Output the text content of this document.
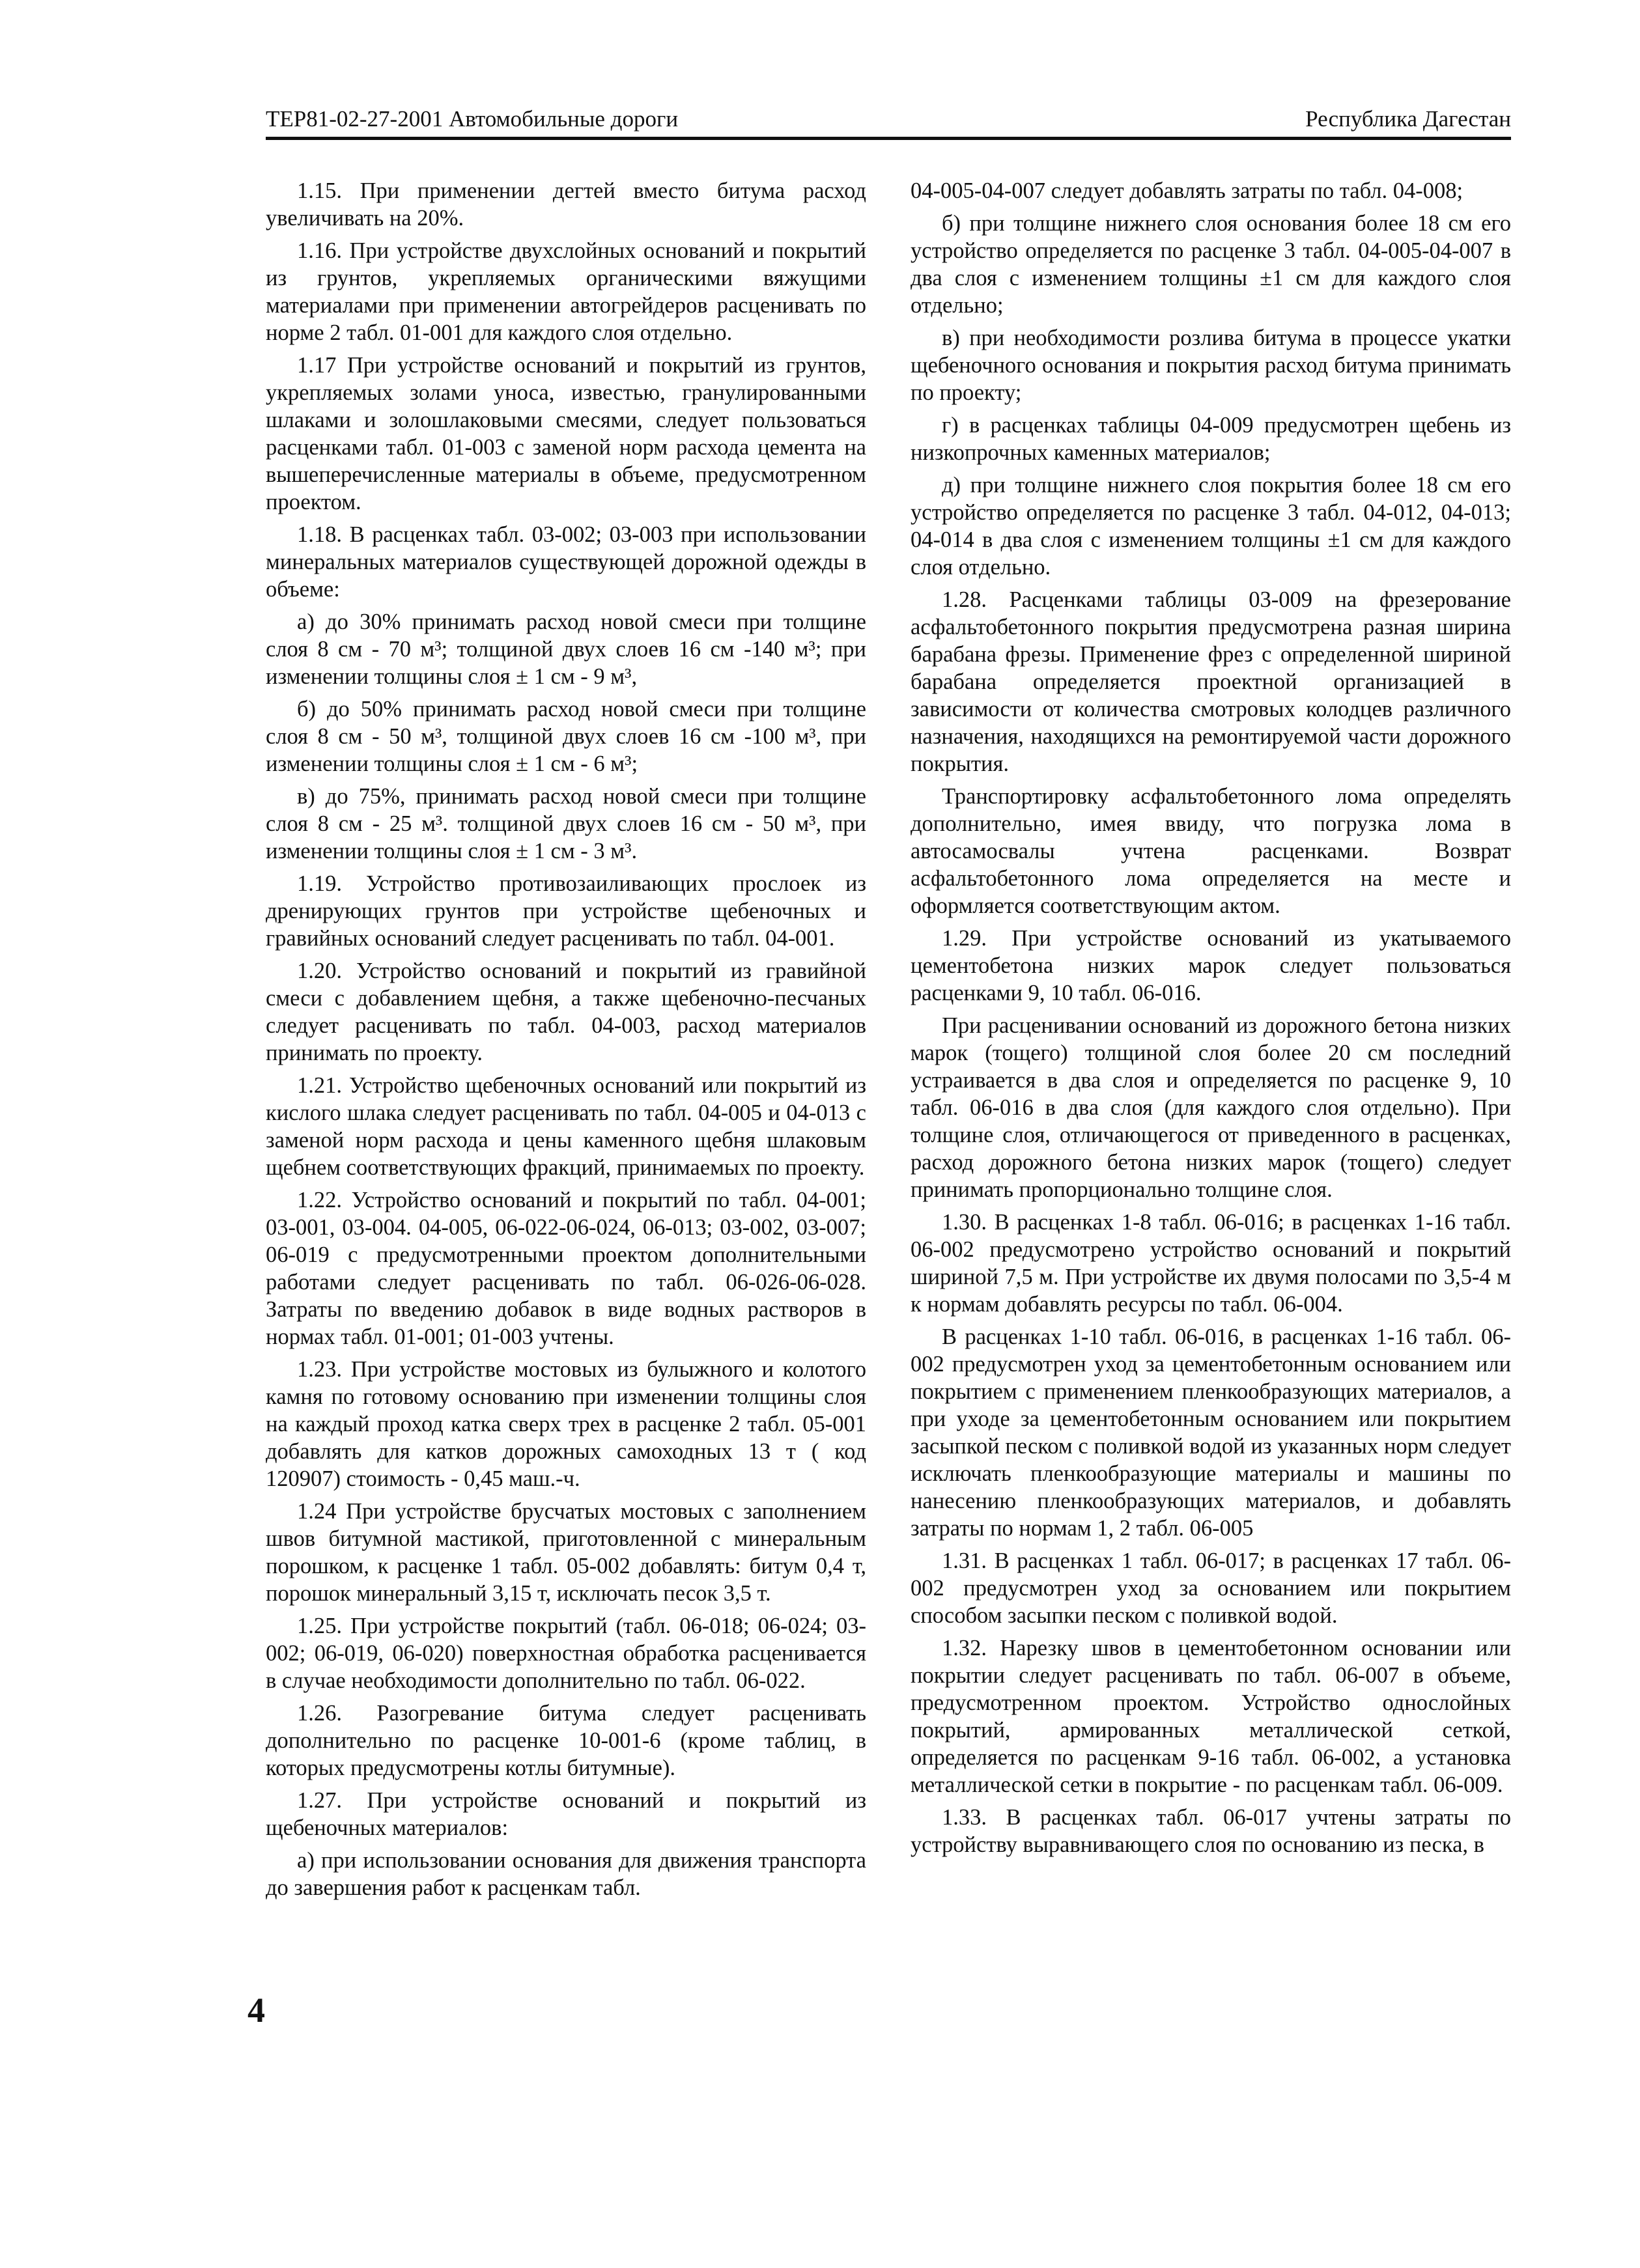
ТЕР81-02-27-2001 Автомобильные дороги	Республика Дагестан

1.15. При применении дегтей вместо битума расход увеличивать на 20%.

1.16. При устройстве двухслойных оснований и покрытий из грунтов, укрепляемых органическими вяжущими материалами при применении автогрейдеров расценивать по норме 2 табл. 01-001 для каждого слоя отдельно.

1.17 При устройстве оснований и покрытий из грунтов, укрепляемых золами уноса, известью, гранулированными шлаками и золошлаковыми смесями, следует пользоваться расценками табл. 01-003 с заменой норм расхода цемента на вышеперечисленные материалы в объеме, предусмотренном проектом.

1.18. В расценках табл. 03-002; 03-003 при использовании минеральных материалов существующей дорожной одежды в объеме:

а) до 30% принимать расход новой смеси при толщине слоя 8 см - 70 м³; толщиной двух слоев 16 см -140 м³; при изменении толщины слоя ± 1 см - 9 м³,

б) до 50% принимать расход новой смеси при толщине слоя 8 см - 50 м³, толщиной двух слоев 16 см -100 м³, при изменении толщины слоя ± 1 см - 6 м³;

в) до 75%, принимать расход новой смеси при толщине слоя 8 см - 25 м³. толщиной двух слоев 16 см - 50 м³, при изменении толщины слоя ± 1 см - 3 м³.

1.19. Устройство противозаиливающих прослоек из дренирующих грунтов при устройстве щебеночных и гравийных оснований следует расценивать по табл. 04-001.

1.20. Устройство оснований и покрытий из гравийной смеси с добавлением щебня, а также щебеночно-песчаных следует расценивать по табл. 04-003, расход материалов принимать по проекту.

1.21. Устройство щебеночных оснований или покрытий из кислого шлака следует расценивать по табл. 04-005 и 04-013 с заменой норм расхода и цены каменного щебня шлаковым щебнем соответствующих фракций, принимаемых по проекту.

1.22. Устройство оснований и покрытий по табл. 04-001; 03-001, 03-004. 04-005, 06-022-06-024, 06-013; 03-002, 03-007; 06-019 с предусмотренными проектом дополнительными работами следует расценивать по табл. 06-026-06-028. Затраты по введению добавок в виде водных растворов в нормах табл. 01-001; 01-003 учтены.

1.23. При устройстве мостовых из булыжного и колотого камня по готовому основанию при изменении толщины слоя на каждый проход катка сверх трех в расценке 2 табл. 05-001 добавлять для катков дорожных самоходных 13 т ( код 120907) стоимость - 0,45 маш.-ч.

1.24 При устройстве брусчатых мостовых с заполнением швов битумной мастикой, приготовленной с минеральным порошком, к расценке 1 табл. 05-002 добавлять: битум 0,4 т, порошок минеральный 3,15 т, исключать песок 3,5 т.

1.25. При устройстве покрытий (табл. 06-018; 06-024; 03-002; 06-019, 06-020) поверхностная обработка расценивается в случае необходимости дополнительно по табл. 06-022.

1.26. Разогревание битума следует расценивать дополнительно по расценке 10-001-6 (кроме таблиц, в которых предусмотрены котлы битумные).

1.27. При устройстве оснований и покрытий из щебеночных материалов:

а) при использовании основания для движения транспорта до завершения работ к расценкам табл.

04-005-04-007 следует добавлять затраты по табл. 04-008;

б) при толщине нижнего слоя основания более 18 см его устройство определяется по расценке 3 табл. 04-005-04-007 в два слоя с изменением толщины ±1 см для каждого слоя отдельно;

в) при необходимости розлива битума в процессе укатки щебеночного основания и покрытия расход битума принимать по проекту;

г) в расценках таблицы 04-009 предусмотрен щебень из низкопрочных каменных материалов;

д) при толщине нижнего слоя покрытия более 18 см его устройство определяется по расценке 3 табл. 04-012, 04-013; 04-014 в два слоя с изменением толщины ±1 см для каждого слоя отдельно.

1.28. Расценками таблицы 03-009 на фрезерование асфальтобетонного покрытия предусмотрена разная ширина барабана фрезы. Применение фрез с определенной шириной барабана определяется проектной организацией в зависимости от количества смотровых колодцев различного назначения, находящихся на ремонтируемой части дорожного покрытия.

Транспортировку асфальтобетонного лома определять дополнительно, имея ввиду, что погрузка лома в автосамосвалы учтена расценками. Возврат асфальтобетонного лома определяется на месте и оформляется соответствующим актом.

1.29. При устройстве оснований из укатываемого цементобетона низких марок следует пользоваться расценками 9, 10 табл. 06-016.

При расценивании оснований из дорожного бетона низких марок (тощего) толщиной слоя более 20 см последний устраивается в два слоя и определяется по расценке 9, 10 табл. 06-016 в два слоя (для каждого слоя отдельно). При толщине слоя, отличающегося от приведенного в расценках, расход дорожного бетона низких марок (тощего) следует принимать пропорционально толщине слоя.

1.30. В расценках 1-8 табл. 06-016; в расценках 1-16 табл. 06-002 предусмотрено устройство оснований и покрытий шириной 7,5 м. При устройстве их двумя полосами по 3,5-4 м к нормам добавлять ресурсы по табл. 06-004.

В расценках 1-10 табл. 06-016, в расценках 1-16 табл. 06-002 предусмотрен уход за цементобетонным основанием или покрытием с применением пленкообразующих материалов, а при уходе за цементобетонным основанием или покрытием засыпкой песком с поливкой водой из указанных норм следует исключать пленкообразующие материалы и машины по нанесению пленкообразующих материалов, и добавлять затраты по нормам 1, 2 табл. 06-005

1.31. В расценках 1 табл. 06-017; в расценках 17 табл. 06-002 предусмотрен уход за основанием или покрытием способом засыпки песком с поливкой водой.

1.32. Нарезку швов в цементобетонном основании или покрытии следует расценивать по табл. 06-007 в объеме, предусмотренном проектом. Устройство однослойных покрытий, армированных металлической сеткой, определяется по расценкам 9-16 табл. 06-002, а установка металлической сетки в покрытие - по расценкам табл. 06-009.

1.33. В расценках табл. 06-017 учтены затраты по устройству выравнивающего слоя по основанию из песка, в

4
